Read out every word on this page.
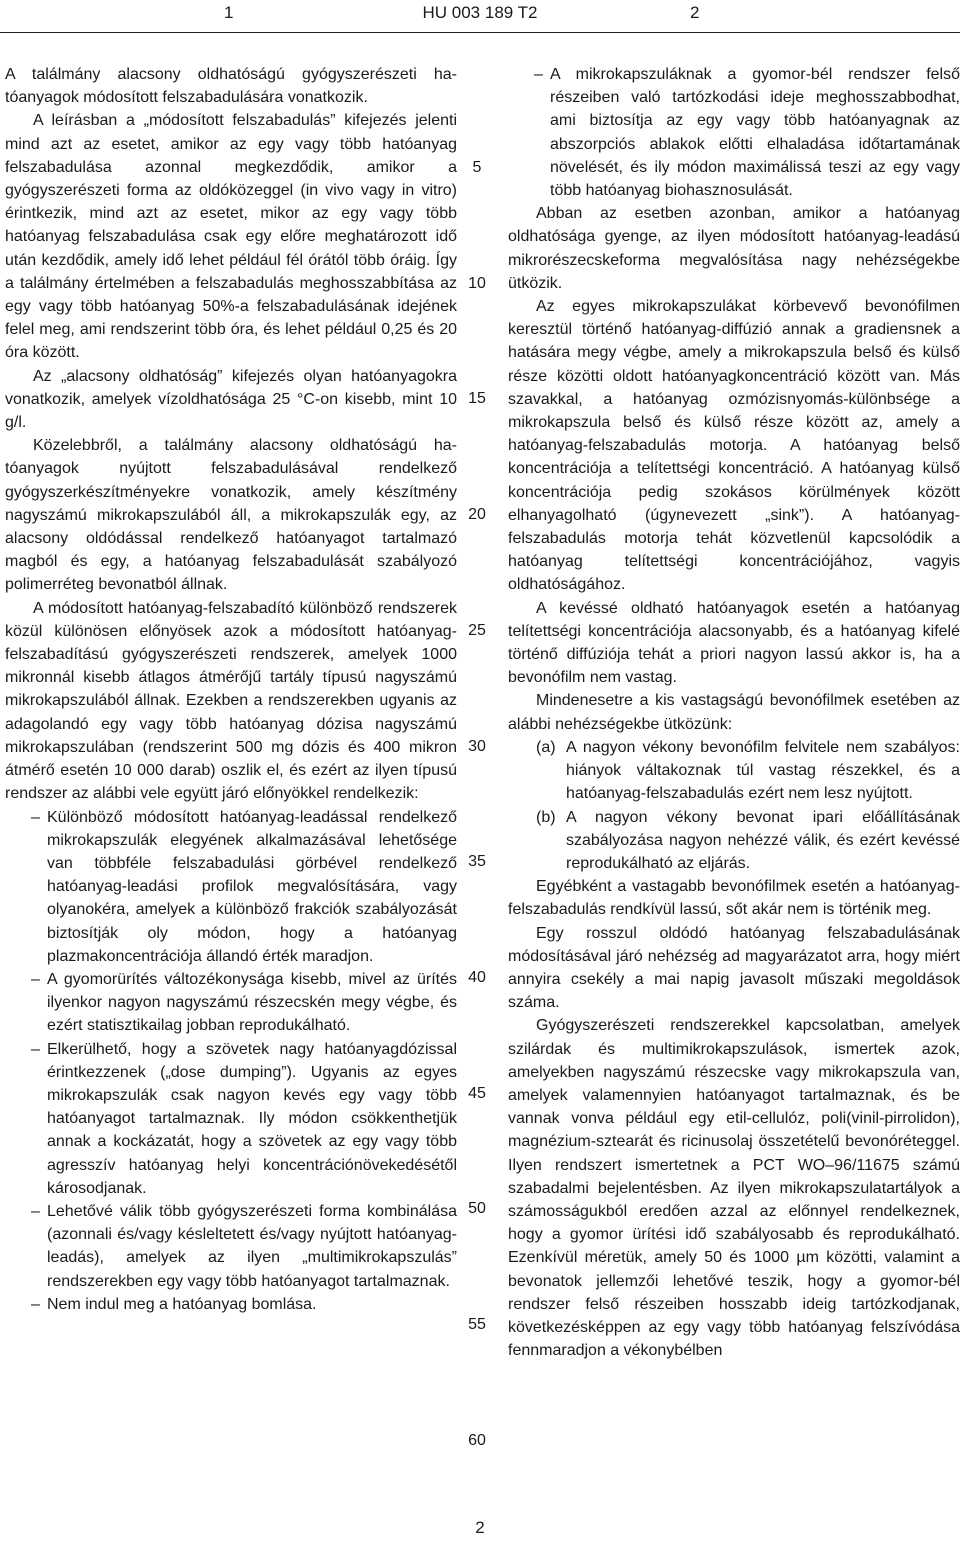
1	HU 003 189 T2	2

A találmány alacsony oldhatóságú gyógyszerészeti hatóanyagok módosított felszabadulására vonatkozik.

A leírásban a „módosított felszabadulás” kifejezés jelenti mind azt az esetet, amikor az egy vagy több hatóanyag felszabadulása azonnal megkezdődik, amikor a gyógyszerészeti forma az oldóközeggel (in vivo vagy in vitro) érintkezik, mind azt az esetet, mikor az egy vagy több hatóanyag felszabadulása csak egy előre meghatározott idő után kezdődik, amely idő lehet például fél órától több óráig. Így a találmány értelmében a felszabadulás meghosszabbítása az egy vagy több hatóanyag 50%-a felszabadulásának idejének felel meg, ami rendszerint több óra, és lehet például 0,25 és 20 óra között.

Az „alacsony oldhatóság” kifejezés olyan hatóanyagokra vonatkozik, amelyek vízoldhatósága 25 °C-on kisebb, mint 10 g/l.

Közelebbről, a találmány alacsony oldhatóságú hatóanyagok nyújtott felszabadulásával rendelkező gyógyszerkészítményekre vonatkozik, amely készítmény nagyszámú mikrokapszulából áll, a mikrokapszulák egy, az alacsony oldódással rendelkező hatóanyagot tartalmazó magból és egy, a hatóanyag felszabadulását szabályozó polimerréteg bevonatból állnak.

A módosított hatóanyag-felszabadító különböző rendszerek közül különösen előnyösek azok a módosított hatóanyag-felszabadítású gyógyszerészeti rendszerek, amelyek 1000 mikronnál kisebb átlagos átmérőjű tartály típusú nagyszámú mikrokapszulából állnak. Ezekben a rendszerekben ugyanis az adagolandó egy vagy több hatóanyag dózisa nagyszámú mikrokapszulában (rendszerint 500 mg dózis és 400 mikron átmérő esetén 10 000 darab) oszlik el, és ezért az ilyen típusú rendszer az alábbi vele együtt járó előnyökkel rendelkezik:

– Különböző módosított hatóanyag-leadással rendelkező mikrokapszulák elegyének alkalmazásával lehetősége van többféle felszabadulási görbével rendelkező hatóanyag-leadási profilok megvalósítására, vagy olyanokéra, amelyek a különböző frakciók szabályozását biztosítják oly módon, hogy a hatóanyag plazmakoncentrációja állandó érték maradjon.

– A gyomorürítés változékonysága kisebb, mivel az ürítés ilyenkor nagyon nagyszámú részecskén megy végbe, és ezért statisztikailag jobban reprodukálható.

– Elkerülhető, hogy a szövetek nagy hatóanyagdózissal érintkezzenek („dose dumping”). Ugyanis az egyes mikrokapszulák csak nagyon kevés egy vagy több hatóanyagot tartalmaznak. Ily módon csökkenthetjük annak a kockázatát, hogy a szövetek az egy vagy több agresszív hatóanyag helyi koncentrációnövekedésétől károsodjanak.

– Lehetővé válik több gyógyszerészeti forma kombinálása (azonnali és/vagy késleltetett és/vagy nyújtott hatóanyag-leadás), amelyek az ilyen „multimikrokapszulás” rendszerekben egy vagy több hatóanyagot tartalmaznak.

– Nem indul meg a hatóanyag bomlása.

– A mikrokapszuláknak a gyomor-bél rendszer felső részeiben való tartózkodási ideje meghosszabbodhat, ami biztosítja az egy vagy több hatóanyagnak az abszorpciós ablakok előtti elhaladása időtartamának növelését, és ily módon maximálissá teszi az egy vagy több hatóanyag biohasznosulását.

Abban az esetben azonban, amikor a hatóanyag oldhatósága gyenge, az ilyen módosított hatóanyag-leadású mikrorészecskeforma megvalósítása nagy nehézségekbe ütközik.

Az egyes mikrokapszulákat körbevevő bevonófilmen keresztül történő hatóanyag-diffúzió annak a gradiensnek a hatására megy végbe, amely a mikrokapszula belső és külső része közötti oldott hatóanyagkoncentráció között van. Más szavakkal, a hatóanyag ozmózisnyomás-különbsége a mikrokapszula belső és külső része között az, amely a hatóanyag-felszabadulás motorja. A hatóanyag belső koncentrációja a telítettségi koncentráció. A hatóanyag külső koncentrációja pedig szokásos körülmények között elhanyagolható (úgynevezett „sink”). A hatóanyag-felszabadulás motorja tehát közvetlenül kapcsolódik a hatóanyag telítettségi koncentrációjához, vagyis oldhatóságához.

A kevéssé oldható hatóanyagok esetén a hatóanyag telítettségi koncentrációja alacsonyabb, és a hatóanyag kifelé történő diffúziója tehát a priori nagyon lassú akkor is, ha a bevonófilm nem vastag.

Mindenesetre a kis vastagságú bevonófilmek esetében az alábbi nehézségekbe ütközünk:

(a) A nagyon vékony bevonófilm felvitele nem szabályos: hiányok váltakoznak túl vastag részekkel, és a hatóanyag-felszabadulás ezért nem lesz nyújtott.

(b) A nagyon vékony bevonat ipari előállításának szabályozása nagyon nehézzé válik, és ezért kevéssé reprodukálható az eljárás.

Egyébként a vastagabb bevonófilmek esetén a hatóanyag-felszabadulás rendkívül lassú, sőt akár nem is történik meg.

Egy rosszul oldódó hatóanyag felszabadulásának módosításával járó nehézség ad magyarázatot arra, hogy miért annyira csekély a mai napig javasolt műszaki megoldások száma.

Gyógyszerészeti rendszerekkel kapcsolatban, amelyek szilárdak és multimikrokapszulások, ismertek azok, amelyekben nagyszámú részecske vagy mikrokapszula van, amelyek valamennyien hatóanyagot tartalmaznak, és be vannak vonva például egy etil-cellulóz, poli(vinil-pirrolidon), magnézium-sztearát és ricinusolaj összetételű bevonóréteggel. Ilyen rendszert ismertetnek a PCT WO–96/11675 számú szabadalmi bejelentésben. Az ilyen mikrokapszulatartályok a számosságukból eredően azzal az előnnyel rendelkeznek, hogy a gyomor ürítési idő szabályosabb és reprodukálható. Ezenkívül méretük, amely 50 és 1000 µm közötti, valamint a bevonatok jellemzői lehetővé teszik, hogy a gyomor-bél rendszer felső részeiben hosszabb ideig tartózkodjanak, következésképpen az egy vagy több hatóanyag felszívódása fennmaradjon a vékonybélben

5
10
15
20
25
30
35
40
45
50
55
60
2
